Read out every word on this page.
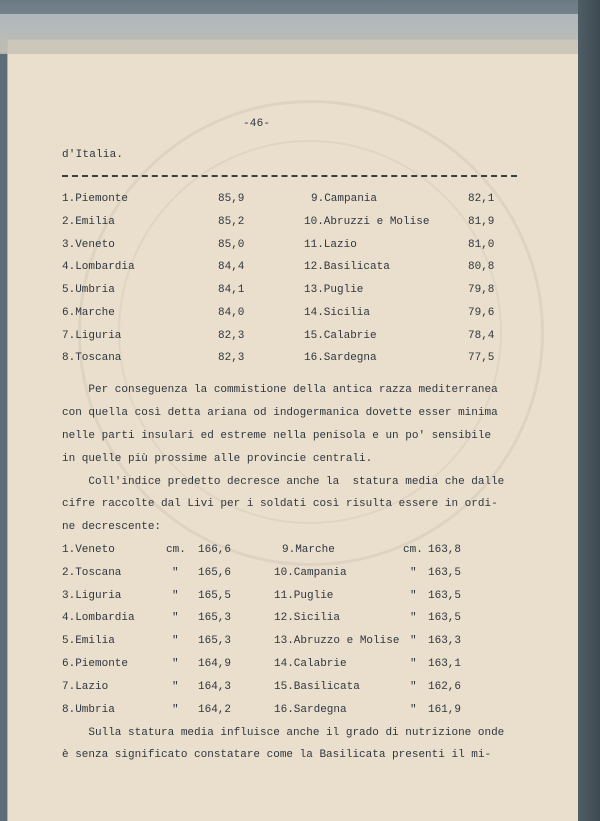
-46-
d'Italia.
1.Piemonte	85,9	9.Campania	82,1
2.Emilia	85,2	10.Abruzzi e Molise	81,9
3.Veneto	85,0	11.Lazio	81,0
4.Lombardia	84,4	12.Basilicata	80,8
5.Umbria	84,1	13.Puglie	79,8
6.Marche	84,0	14.Sicilia	79,6
7.Liguria	82,3	15.Calabrie	78,4
8.Toscana	82,3	16.Sardegna	77,5
Per conseguenza la commistione della antica razza mediterranea
con quella così detta ariana od indogermanica dovette esser minima
nelle parti insulari ed estreme nella penisola e un po' sensibile
in quelle più prossime alle provincie centrali.
Coll'indice predetto decresce anche la  statura media che dalle
cifre raccolte dal Livi per i soldati così risulta essere in ordi-
ne decrescente:
1.Veneto	cm. 166,6	9.Marche	cm. 163,8
2.Toscana	" 165,6	10.Campania	" 163,5
3.Liguria	" 165,5	11.Puglie	" 163,5
4.Lombardia	" 165,3	12.Sicilia	" 163,5
5.Emilia	" 165,3	13.Abruzzo e Molise " 163,3
6.Piemonte	" 164,9	14.Calabrie	" 163,1
7.Lazio	" 164,3	15.Basilicata	" 162,6
8.Umbria	" 164,2	16.Sardegna	" 161,9
Sulla statura media influisce anche il grado di nutrizione onde
è senza significato constatare come la Basilicata presenti il mi-
